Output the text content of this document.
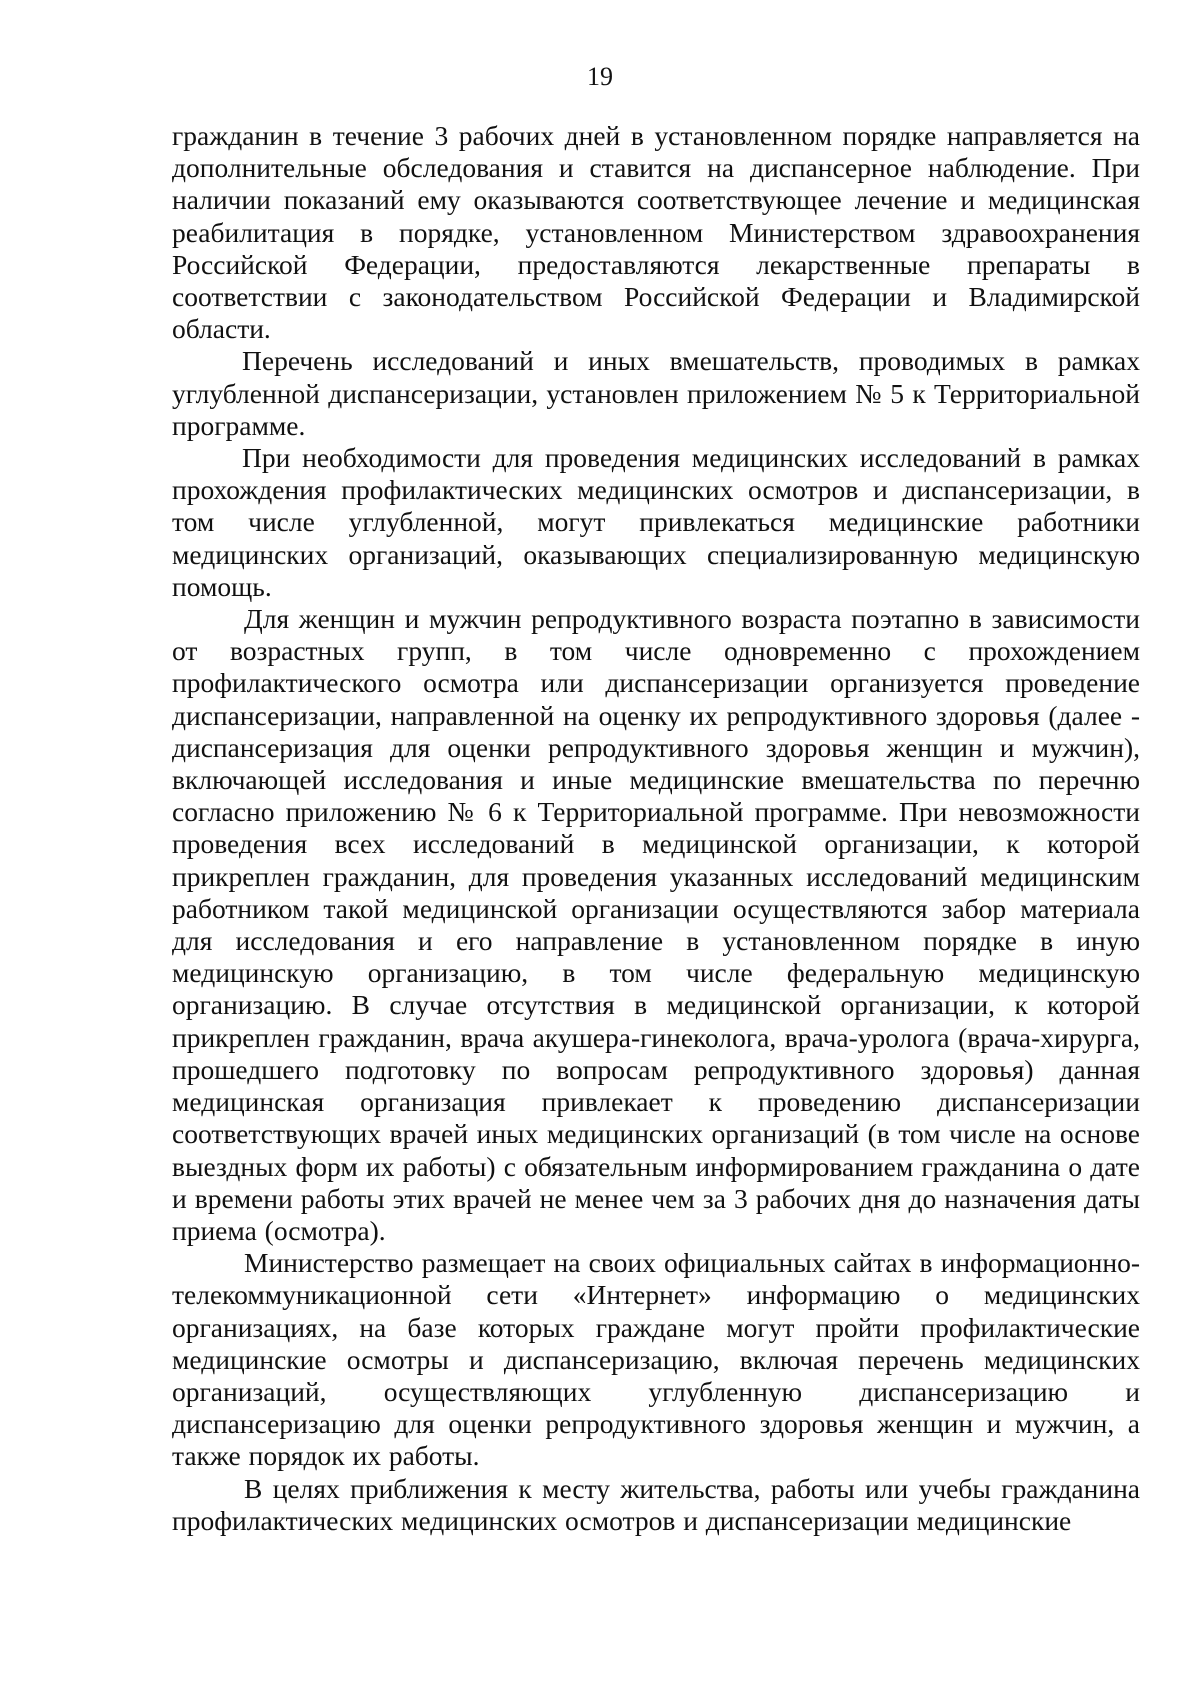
19

гражданин в течение 3 рабочих дней в установленном порядке направляется на дополнительные обследования и ставится на диспансерное наблюдение. При наличии показаний ему оказываются соответствующее лечение и медицинская реабилитация в порядке, установленном Министерством здравоохранения Российской Федерации, предоставляются лекарственные препараты в соответствии с законодательством Российской Федерации и Владимирской области.

Перечень исследований и иных вмешательств, проводимых в рамках углубленной диспансеризации, установлен приложением № 5 к Территориальной программе.

При необходимости для проведения медицинских исследований в рамках прохождения профилактических медицинских осмотров и диспансеризации, в том числе углубленной, могут привлекаться медицинские работники медицинских организаций, оказывающих специализированную медицинскую помощь.

Для женщин и мужчин репродуктивного возраста поэтапно в зависимости от возрастных групп, в том числе одновременно с прохождением профилактического осмотра или диспансеризации организуется проведение диспансеризации, направленной на оценку их репродуктивного здоровья (далее - диспансеризация для оценки репродуктивного здоровья женщин и мужчин), включающей исследования и иные медицинские вмешательства по перечню согласно приложению № 6 к Территориальной программе. При невозможности проведения всех исследований в медицинской организации, к которой прикреплен гражданин, для проведения указанных исследований медицинским работником такой медицинской организации осуществляются забор материала для исследования и его направление в установленном порядке в иную медицинскую организацию, в том числе федеральную медицинскую организацию. В случае отсутствия в медицинской организации, к которой прикреплен гражданин, врача акушера-гинеколога, врача-уролога (врача-хирурга, прошедшего подготовку по вопросам репродуктивного здоровья) данная медицинская организация привлекает к проведению диспансеризации соответствующих врачей иных медицинских организаций (в том числе на основе выездных форм их работы) с обязательным информированием гражданина о дате и времени работы этих врачей не менее чем за 3 рабочих дня до назначения даты приема (осмотра).

Министерство размещает на своих официальных сайтах в информационно-телекоммуникационной сети «Интернет» информацию о медицинских организациях, на базе которых граждане могут пройти профилактические медицинские осмотры и диспансеризацию, включая перечень медицинских организаций, осуществляющих углубленную диспансеризацию и диспансеризацию для оценки репродуктивного здоровья женщин и мужчин, а также порядок их работы.

В целях приближения к месту жительства, работы или учебы гражданина профилактических медицинских осмотров и диспансеризации медицинские
